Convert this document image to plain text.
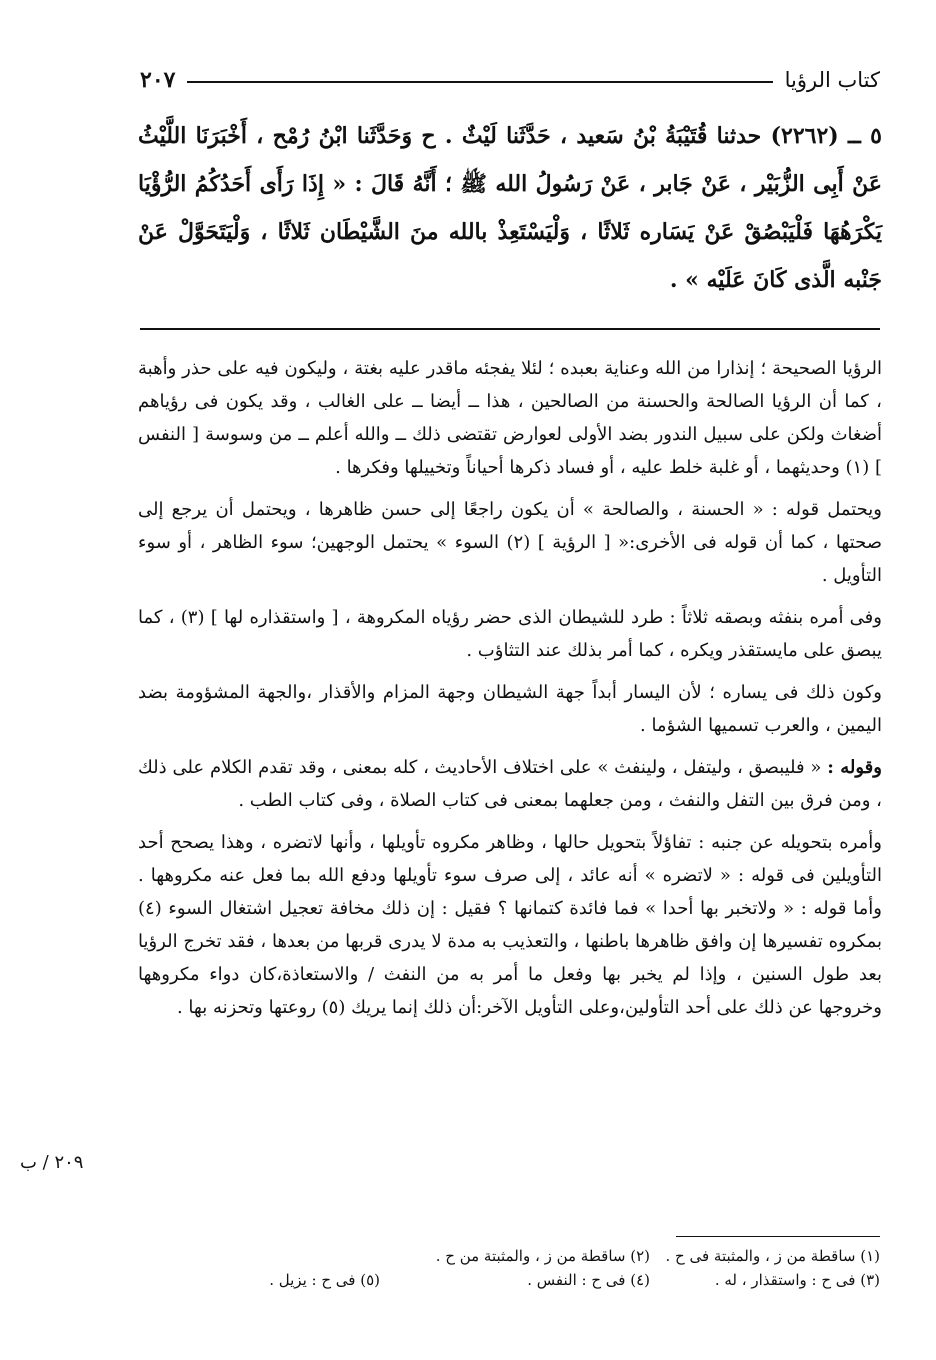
كتاب الرؤيا
٢٠٧
٥ ــ (٢٢٦٢) حدثنا قُتَيْبَةُ بْنُ سَعيد ، حَدَّثَنا لَيْثٌ . ح وَحَدَّثَنا ابْنُ رُمْح ، أَخْبَرَنَا اللَّيْثُ عَنْ أَبِى الزُّبَيْر ، عَنْ جَابر ، عَنْ رَسُولُ الله ﷺ ؛ أَنَّهُ قَالَ : « إِذَا رَأَى أَحَدُكُمُ الرُّؤْيَا يَكْرَهُهَا فَلْيَبْصُقْ عَنْ يَسَاره ثَلاثًا ، وَلْيَسْتَعِذْ بالله منَ الشَّيْطَان ثَلاثًا ، وَلْيَتَحَوَّلْ عَنْ جَنْبه الَّذى كَانَ عَلَيْه » .

الرؤيا الصحيحة ؛ إنذارا من الله وعناية بعبده ؛ لئلا يفجئه ماقدر عليه بغتة ، وليكون فيه على حذر وأهبة ، كما أن الرؤيا الصالحة والحسنة من الصالحين ، هذا ــ أيضا ــ على الغالب ، وقد يكون فى رؤياهم أضغاث ولكن على سبيل الندور بضد الأولى لعوارض تقتضى ذلك ــ والله أعلم ــ من وسوسة [ النفس ] (١) وحديثهما ، أو غلبة خلط عليه ، أو فساد ذكرها أحياناً وتخييلها وفكرها .

ويحتمل قوله : « الحسنة ، والصالحة » أن يكون راجعًا إلى حسن ظاهرها ، ويحتمل أن يرجع إلى صحتها ، كما أن قوله فى الأخرى:« [ الرؤية ] (٢) السوء » يحتمل الوجهين؛ سوء الظاهر ، أو سوء التأويل .

وفى أمره بنفثه وبصقه ثلاثاً : طرد للشيطان الذى حضر رؤياه المكروهة ، [ واستقذاره لها ] (٣) ، كما يبصق على مايستقذر ويكره ، كما أمر بذلك عند التثاؤب .

وكون ذلك فى يساره ؛ لأن اليسار أبداً جهة الشيطان وجهة المزام والأقذار ،والجهة المشؤومة بضد اليمين ، والعرب تسميها الشؤما .

وقوله : « فليبصق ، وليتفل ، ولينفث » على اختلاف الأحاديث ، كله بمعنى ، وقد تقدم الكلام على ذلك ، ومن فرق بين التفل والنفث ، ومن جعلهما بمعنى فى كتاب الصلاة ، وفى كتاب الطب .

وأمره بتحويله عن جنبه : تفاؤلاً بتحويل حالها ، وظاهر مكروه تأويلها ، وأنها لاتضره ، وهذا يصحح أحد التأويلين فى قوله : « لاتضره » أنه عائد ، إلى صرف سوء تأويلها ودفع الله بما فعل عنه مكروهها . وأما قوله : « ولاتخبر بها أحدا » فما فائدة كتمانها ؟ فقيل : إن ذلك مخافة تعجيل اشتغال السوء (٤) بمكروه تفسيرها إن وافق ظاهرها باطنها ، والتعذيب به مدة لا يدرى قربها من بعدها ، فقد تخرج الرؤيا بعد طول السنين ، وإذا لم يخبر بها وفعل ما أمر به من النفث / والاستعاذة،كان دواء مكروهها وخروجها عن ذلك على أحد التأولين،وعلى التأويل الآخر:أن ذلك إنما يريك (٥) روعتها وتحزنه بها .

٢٠٩ / ب
(١) ساقطة من ز ، والمثبتة فى ح .
(٢) ساقطة من ز ، والمثبتة من ح .
(٣) فى ح : واستقذار ، له .
(٤) فى ح : النفس .
(٥) فى ح : يزيل .
